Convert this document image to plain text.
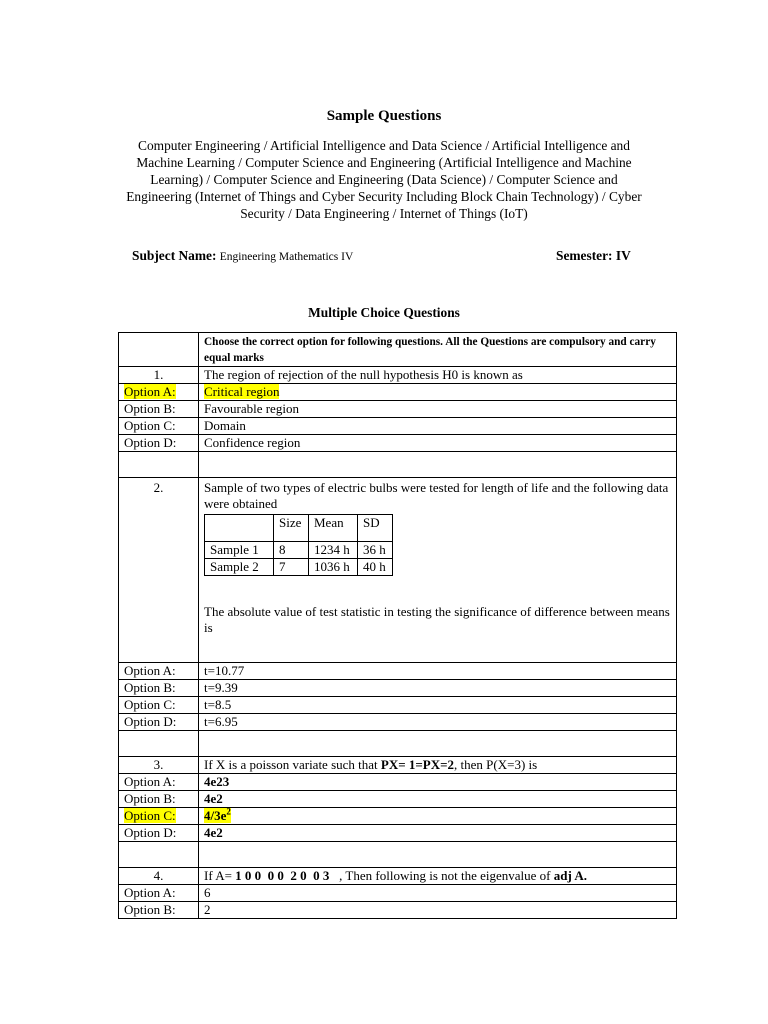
Sample Questions
Computer Engineering / Artificial Intelligence and Data Science / Artificial Intelligence and Machine Learning / Computer Science and Engineering (Artificial Intelligence and Machine Learning) / Computer Science and Engineering (Data Science) / Computer Science and Engineering (Internet of Things and Cyber Security Including Block Chain Technology) / Cyber Security / Data Engineering / Internet of Things (IoT)
Subject Name: Engineering Mathematics IV	Semester: IV
Multiple Choice Questions
	Choose the correct option for following questions. All the Questions are compulsory and carry equal marks
1.	The region of rejection of the null hypothesis H0 is known as
Option A:	Critical region
Option B:	Favourable region
Option C:	Domain
Option D:	Confidence region

2.	Sample of two types of electric bulbs were tested for length of life and the following data were obtained
	Size	Mean	SD
Sample 1	8	1234 h	36 h
Sample 2	7	1036 h	40 h
The absolute value of test statistic in testing the significance of difference between means is

Option A:	t=10.77
Option B:	t=9.39
Option C:	t=8.5
Option D:	t=6.95

3.	If X is a poisson variate such that PX= 1=PX=2, then P(X=3) is
Option A:	4e23
Option B:	4e2
Option C:	$4/3e^2$
Option D:	4e2

4.	If A= 1 0 0  0 0  2 0  0 3   , Then following is not the eigenvalue of adj A.
Option A:	6
Option B:	2
